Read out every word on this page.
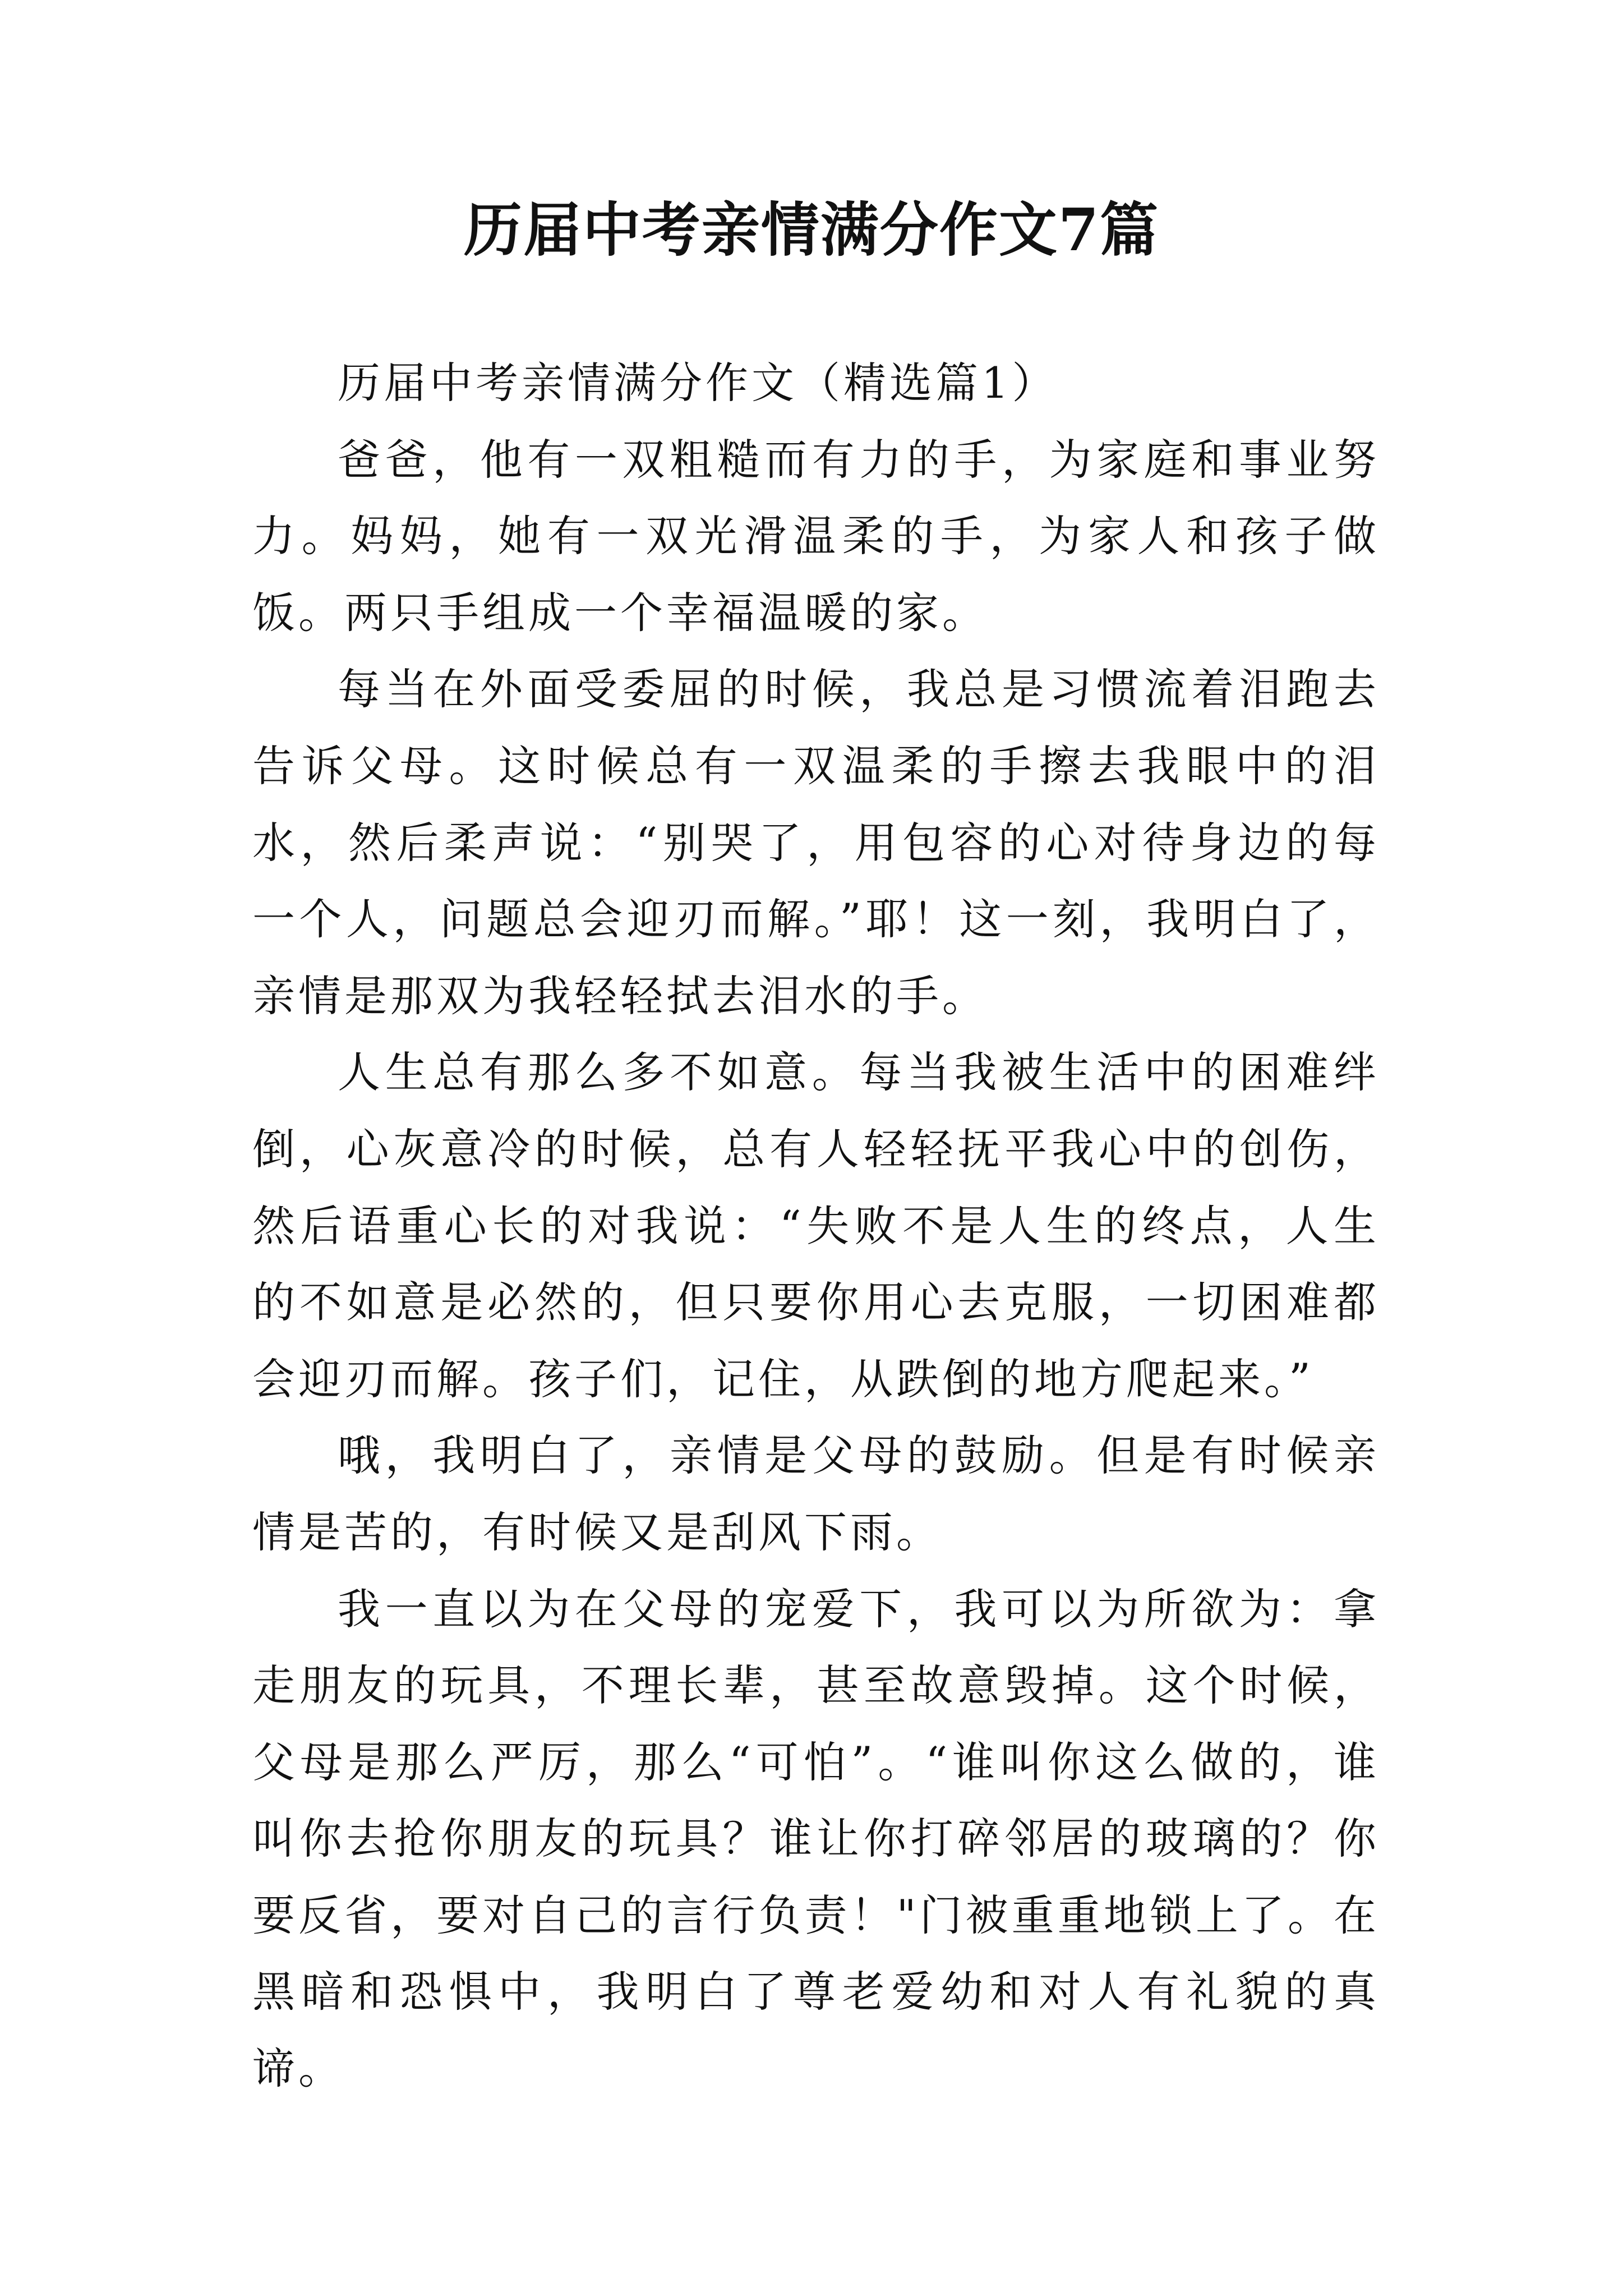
历届中考亲情满分作文7篇

历届中考亲情满分作文（精选篇1）

爸爸，他有一双粗糙而有力的手，为家庭和事业努力。妈妈，她有一双光滑温柔的手，为家人和孩子做饭。两只手组成一个幸福温暖的家。

每当在外面受委屈的时候，我总是习惯流着泪跑去告诉父母。这时候总有一双温柔的手擦去我眼中的泪水，然后柔声说：“别哭了，用包容的心对待身边的每一个人，问题总会迎刃而解。”耶！这一刻，我明白了，亲情是那双为我轻轻拭去泪水的手。

人生总有那么多不如意。每当我被生活中的困难绊倒，心灰意冷的时候，总有人轻轻抚平我心中的创伤，然后语重心长的对我说：“失败不是人生的终点，人生的不如意是必然的，但只要你用心去克服，一切困难都会迎刃而解。孩子们，记住，从跌倒的地方爬起来。”

哦，我明白了，亲情是父母的鼓励。但是有时候亲情是苦的，有时候又是刮风下雨。

我一直以为在父母的宠爱下，我可以为所欲为：拿走朋友的玩具，不理长辈，甚至故意毁掉。这个时候，父母是那么严厉，那么“可怕”。“谁叫你这么做的，谁叫你去抢你朋友的玩具？谁让你打碎邻居的玻璃的？你要反省，要对自己的言行负责！"门被重重地锁上了。在黑暗和恐惧中，我明白了尊老爱幼和对人有礼貌的真谛。
